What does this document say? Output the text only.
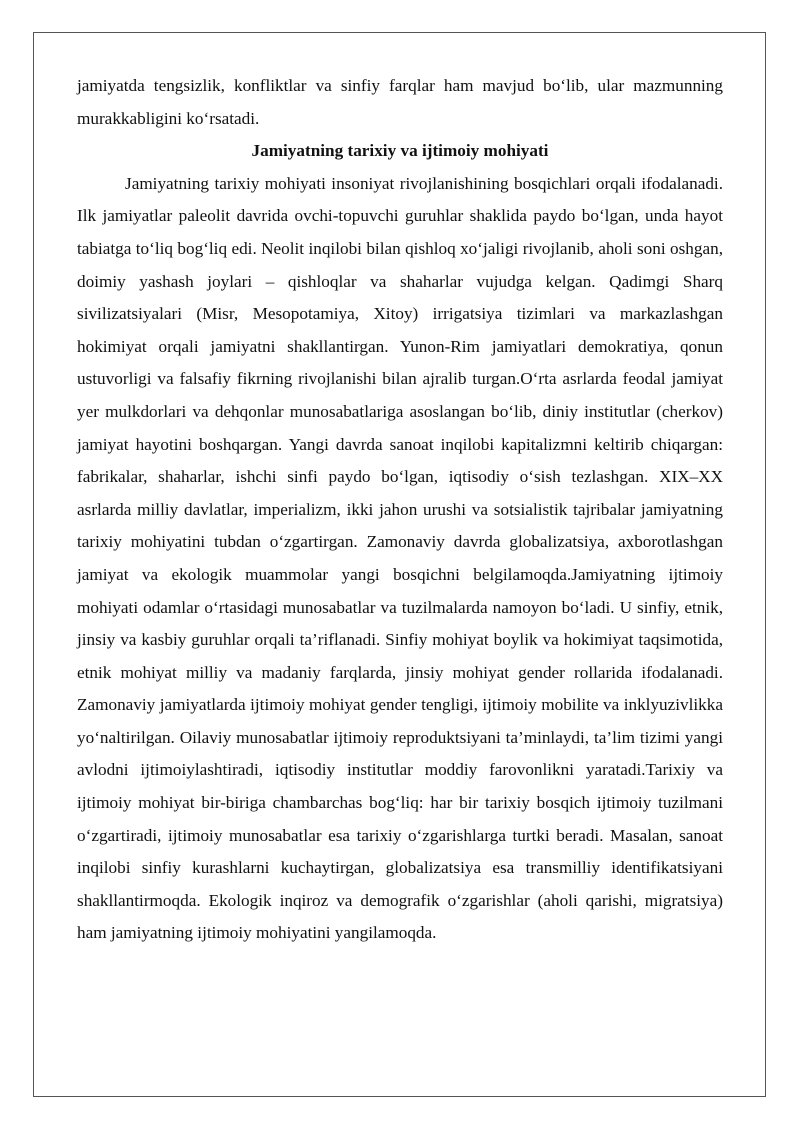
jamiyatda tengsizlik, konfliktlar va sinfiy farqlar ham mavjud bo‘lib, ular mazmunning murakkabligini ko‘rsatadi.

Jamiyatning tarixiy va ijtimoiy mohiyati

Jamiyatning tarixiy mohiyati insoniyat rivojlanishining bosqichlari orqali ifodalanadi. Ilk jamiyatlar paleolit davrida ovchi-topuvchi guruhlar shaklida paydo bo‘lgan, unda hayot tabiatga to‘liq bog‘liq edi. Neolit inqilobi bilan qishloq xo‘jaligi rivojlanib, aholi soni oshgan, doimiy yashash joylari – qishloqlar va shaharlar vujudga kelgan. Qadimgi Sharq sivilizatsiyalari (Misr, Mesopotamiya, Xitoy) irrigatsiya tizimlari va markazlashgan hokimiyat orqali jamiyatni shakllantirgan. Yunon-Rim jamiyatlari demokratiya, qonun ustuvorligi va falsafiy fikrning rivojlanishi bilan ajralib turgan.O‘rta asrlarda feodal jamiyat yer mulkdorlari va dehqonlar munosabatlariga asoslangan bo‘lib, diniy institutlar (cherkov) jamiyat hayotini boshqargan. Yangi davrda sanoat inqilobi kapitalizmni keltirib chiqargan: fabrikalar, shaharlar, ishchi sinfi paydo bo‘lgan, iqtisodiy o‘sish tezlashgan. XIX–XX asrlarda milliy davlatlar, imperializm, ikki jahon urushi va sotsialistik tajribalar jamiyatning tarixiy mohiyatini tubdan o‘zgartirgan. Zamonaviy davrda globalizatsiya, axborotlashgan jamiyat va ekologik muammolar yangi bosqichni belgilamoqda.Jamiyatning ijtimoiy mohiyati odamlar o‘rtasidagi munosabatlar va tuzilmalarda namoyon bo‘ladi. U sinfiy, etnik, jinsiy va kasbiy guruhlar orqali ta’riflanadi. Sinfiy mohiyat boylik va hokimiyat taqsimotida, etnik mohiyat milliy va madaniy farqlarda, jinsiy mohiyat gender rollarida ifodalanadi. Zamonaviy jamiyatlarda ijtimoiy mohiyat gender tengligi, ijtimoiy mobilite va inklyuzivlikka yo‘naltirilgan. Oilaviy munosabatlar ijtimoiy reproduktsiyani ta’minlaydi, ta’lim tizimi yangi avlodni ijtimoiylashtiradi, iqtisodiy institutlar moddiy farovonlikni yaratadi.Tarixiy va ijtimoiy mohiyat bir-biriga chambarchas bog‘liq: har bir tarixiy bosqich ijtimoiy tuzilmani o‘zgartiradi, ijtimoiy munosabatlar esa tarixiy o‘zgarishlarga turtki beradi. Masalan, sanoat inqilobi sinfiy kurashlarni kuchaytirgan, globalizatsiya esa transmilliy identifikatsiyani shakllantirmoqda. Ekologik inqiroz va demografik o‘zgarishlar (aholi qarishi, migratsiya) ham jamiyatning ijtimoiy mohiyatini yangilamoqda.
